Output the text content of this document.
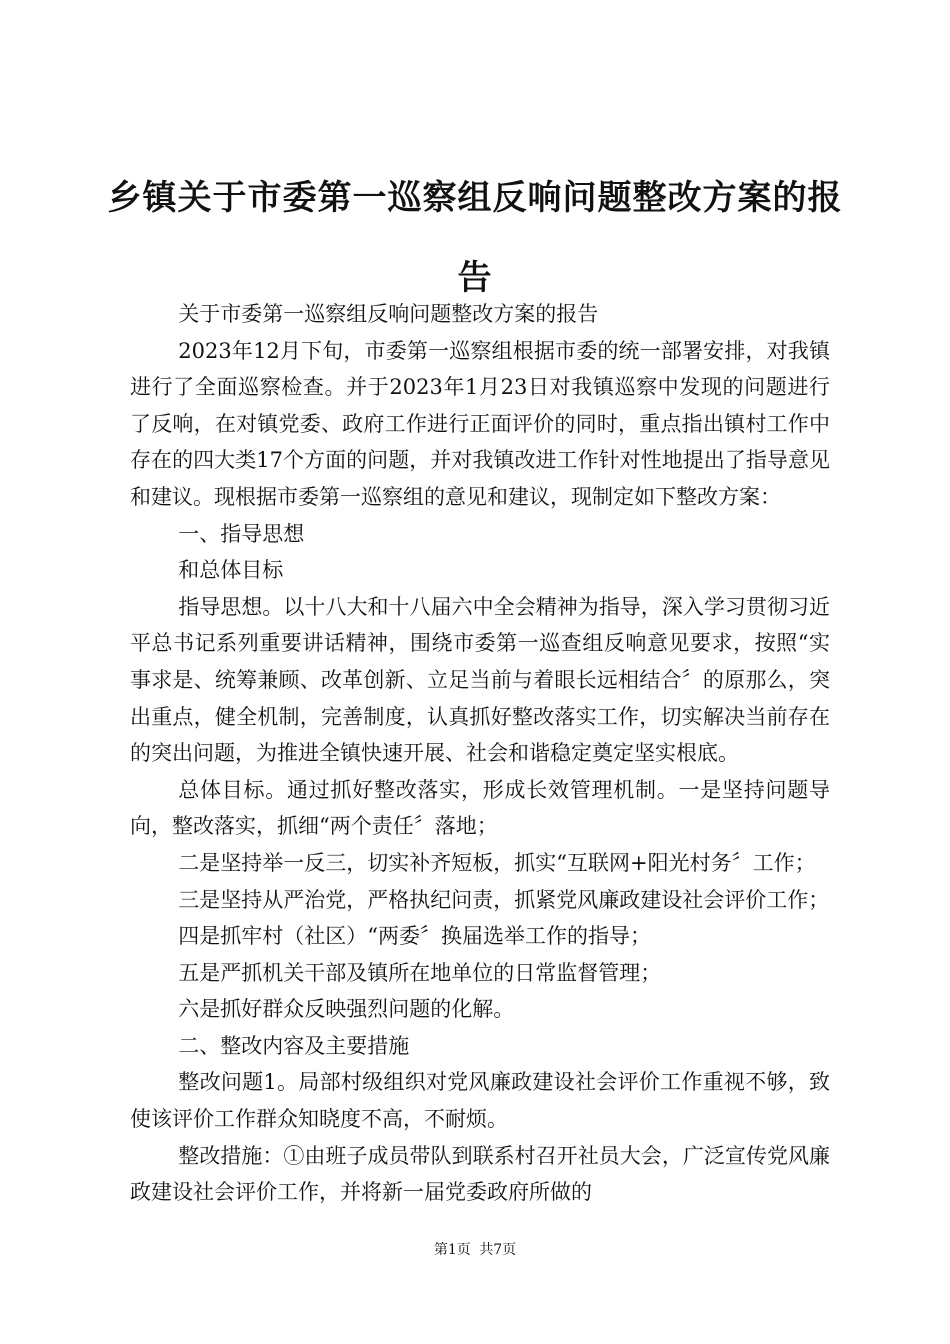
乡镇关于市委第一巡察组反响问题整改方案的报告

关于市委第一巡察组反响问题整改方案的报告

2023年12月下旬，市委第一巡察组根据市委的统一部署安排，对我镇进行了全面巡察检查。并于2023年1月23日对我镇巡察中发现的问题进行了反响，在对镇党委、政府工作进行正面评价的同时，重点指出镇村工作中存在的四大类17个方面的问题，并对我镇改进工作针对性地提出了指导意见和建议。现根据市委第一巡察组的意见和建议，现制定如下整改方案：

一、指导思想

和总体目标

指导思想。以十八大和十八届六中全会精神为指导，深入学习贯彻习近平总书记系列重要讲话精神，围绕市委第一巡查组反响意见要求，按照“实事求是、统筹兼顾、改革创新、立足当前与着眼长远相结合〞的原那么，突出重点，健全机制，完善制度，认真抓好整改落实工作，切实解决当前存在的突出问题，为推进全镇快速开展、社会和谐稳定奠定坚实根底。

总体目标。通过抓好整改落实，形成长效管理机制。一是坚持问题导向，整改落实，抓细“两个责任〞落地；

二是坚持举一反三，切实补齐短板，抓实“互联网+阳光村务〞工作；

三是坚持从严治党，严格执纪问责，抓紧党风廉政建设社会评价工作；

四是抓牢村（社区）“两委〞换届选举工作的指导；

五是严抓机关干部及镇所在地单位的日常监督管理；

六是抓好群众反映强烈问题的化解。

二、整改内容及主要措施

整改问题1。局部村级组织对党风廉政建设社会评价工作重视不够，致使该评价工作群众知晓度不高，不耐烦。

整改措施：①由班子成员带队到联系村召开社员大会，广泛宣传党风廉政建设社会评价工作，并将新一届党委政府所做的

第1页 共7页
